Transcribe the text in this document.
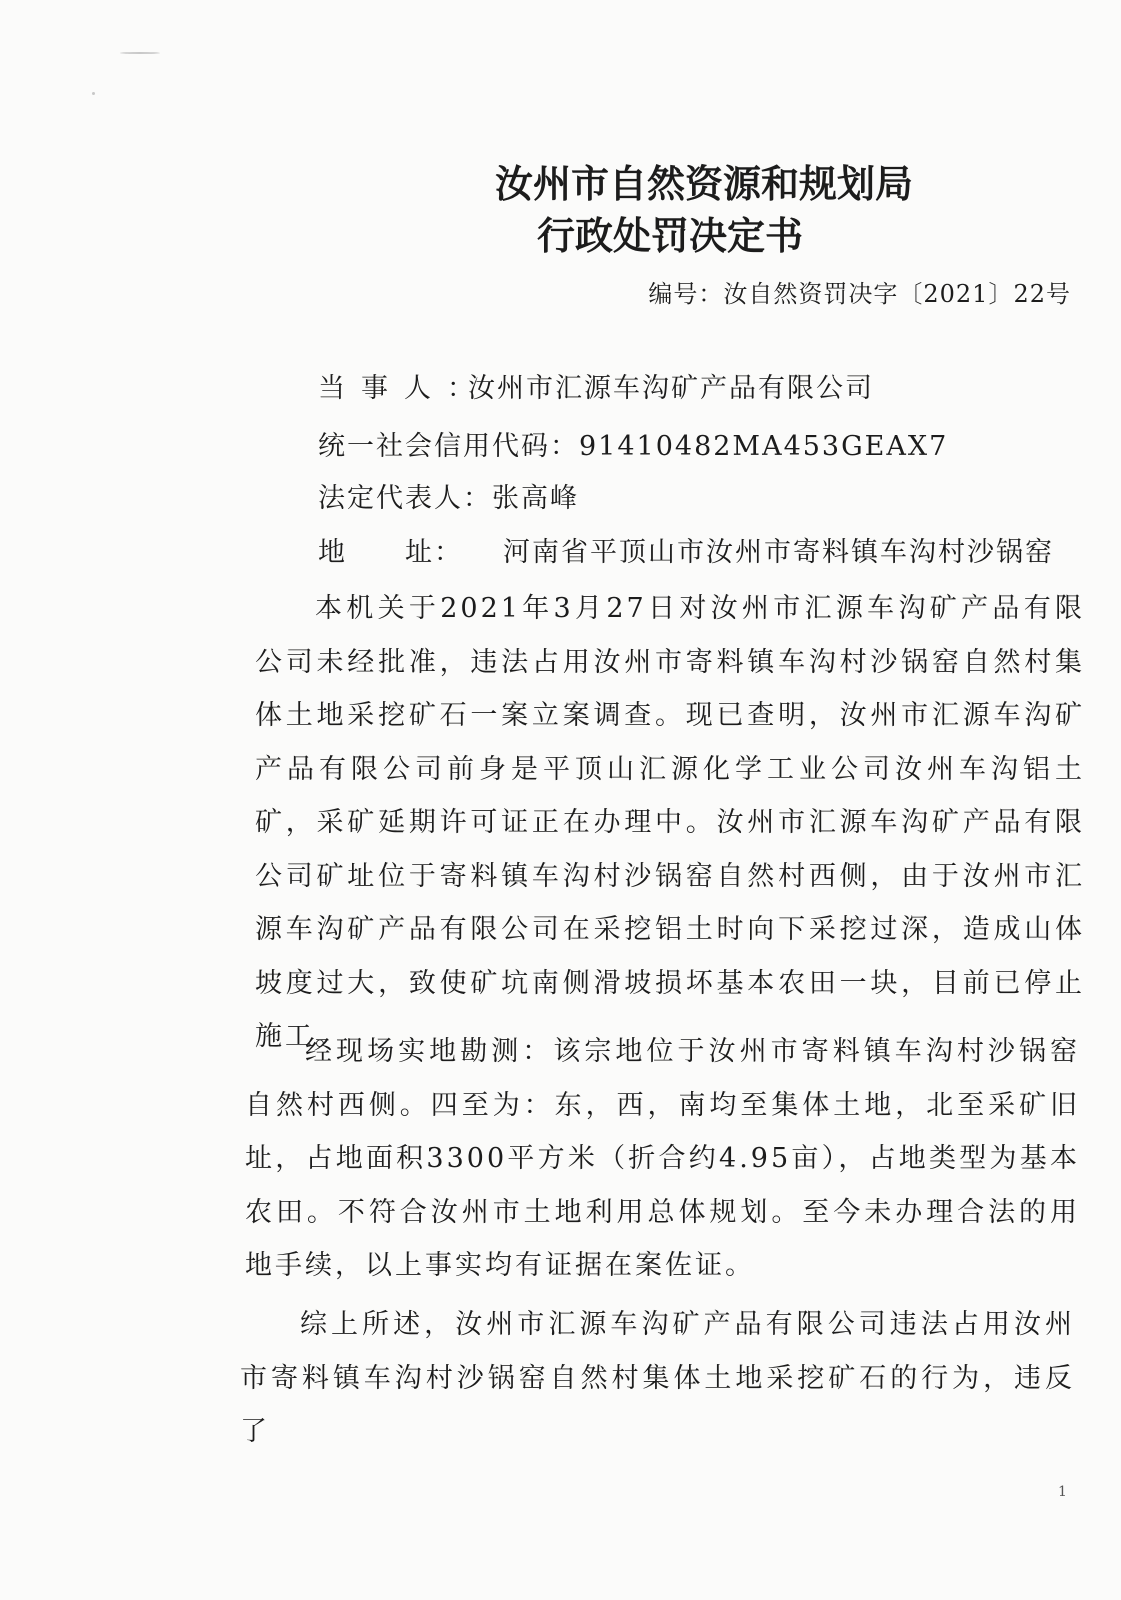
汝州市自然资源和规划局
行政处罚决定书
编号：汝自然资罚决字〔2021〕22号
当事人：汝州市汇源车沟矿产品有限公司
统一社会信用代码：91410482MA453GEAX7
法定代表人：张高峰
地　　址： 河南省平顶山市汝州市寄料镇车沟村沙锅窑

本机关于2021年3月27日对汝州市汇源车沟矿产品有限公司未经批准，违法占用汝州市寄料镇车沟村沙锅窑自然村集体土地采挖矿石一案立案调查。现已查明，汝州市汇源车沟矿产品有限公司前身是平顶山汇源化学工业公司汝州车沟铝土矿，采矿延期许可证正在办理中。汝州市汇源车沟矿产品有限公司矿址位于寄料镇车沟村沙锅窑自然村西侧，由于汝州市汇源车沟矿产品有限公司在采挖铝土时向下采挖过深，造成山体坡度过大，致使矿坑南侧滑坡损坏基本农田一块，目前已停止施工。

经现场实地勘测：该宗地位于汝州市寄料镇车沟村沙锅窑自然村西侧。四至为：东，西，南均至集体土地，北至采矿旧址，占地面积3300平方米（折合约4.95亩），占地类型为基本农田。不符合汝州市土地利用总体规划。至今未办理合法的用地手续，以上事实均有证据在案佐证。

综上所述，汝州市汇源车沟矿产品有限公司违法占用汝州市寄料镇车沟村沙锅窑自然村集体土地采挖矿石的行为，违反了

1
